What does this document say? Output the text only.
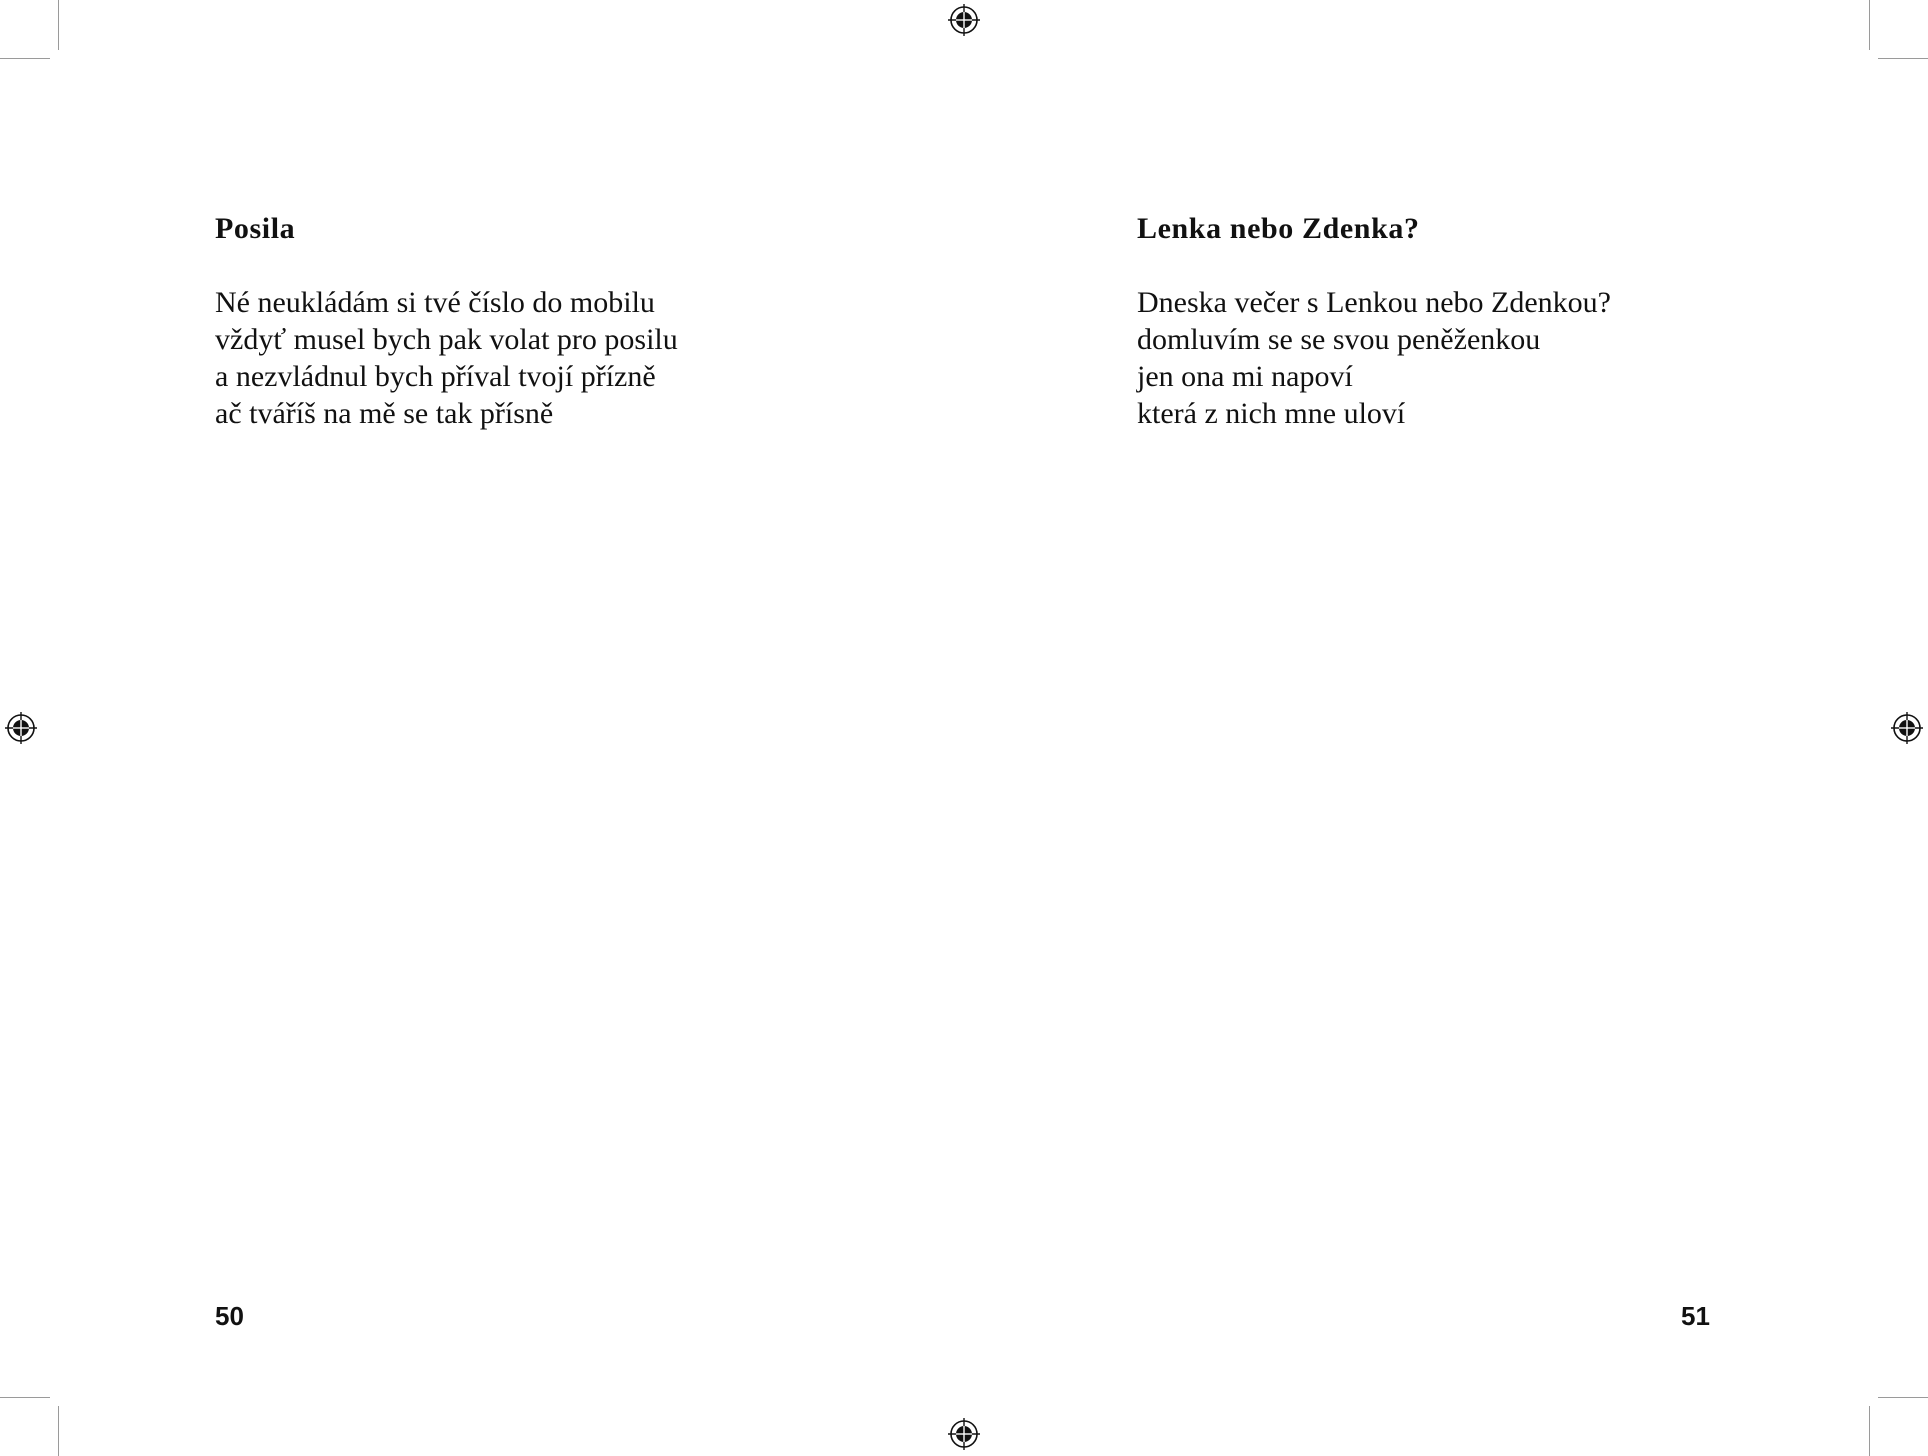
Posila
Né neukládám si tvé číslo do mobilu
vždyť musel bych pak volat pro posilu
a nezvládnul bych příval tvojí přízně
ač tváříš na mě se tak přísně
Lenka nebo Zdenka?
Dneska večer s Lenkou nebo Zdenkou?
domluvím se se svou peněženkou
jen ona mi napoví
která z nich mne uloví
50	51
